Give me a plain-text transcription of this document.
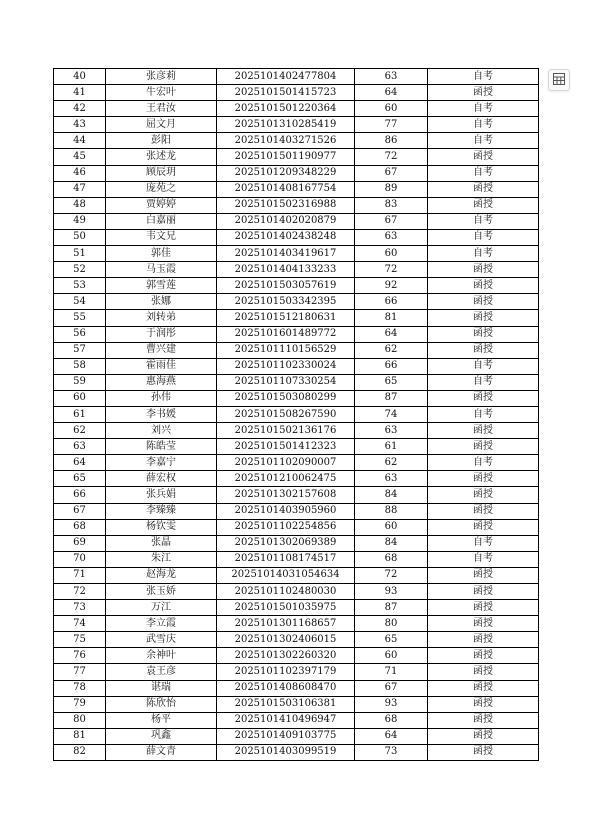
40	张彦莉	2025101402477804	63	自考
41	牛宏叶	2025101501415723	64	函授
42	王君汝	2025101501220364	60	自考
43	屈文月	2025101310285419	77	自考
44	彭阳	2025101403271526	86	自考
45	张述龙	2025101501190977	72	函授
46	顾辰玥	2025101209348229	67	自考
47	庞苑之	2025101408167754	89	函授
48	贾婷婷	2025101502316988	83	函授
49	白嘉丽	2025101402020879	67	自考
50	韦文兄	2025101402438248	63	自考
51	郭佳	2025101403419617	60	自考
52	马玉霞	2025101404133233	72	函授
53	郭雪莲	2025101503057619	92	函授
54	张娜	2025101503342395	66	函授
55	刘转弟	2025101512180631	81	函授
56	于润彤	2025101601489772	64	函授
57	曹兴建	2025101110156529	62	函授
58	霍雨佳	2025101102330024	66	自考
59	惠海燕	2025101107330254	65	自考
60	孙伟	2025101503080299	87	函授
61	李书媛	2025101508267590	74	自考
62	刘兴	2025101502136176	63	函授
63	陈皓莹	2025101501412323	61	函授
64	李嘉宁	2025101102090007	62	自考
65	薛宏权	2025101210062475	63	函授
66	张兵娟	2025101302157608	84	函授
67	李臻臻	2025101403905960	88	函授
68	杨钦雯	2025101102254856	60	函授
69	张晶	2025101302069389	84	自考
70	朱江	2025101108174517	68	自考
71	赵海龙	20251014031054634	72	函授
72	张玉娇	2025101102480030	93	函授
73	万江	2025101501035975	87	函授
74	李立霞	2025101301168657	80	函授
75	武雪庆	2025101302406015	65	函授
76	余神叶	2025101302260320	60	函授
77	袁王彦	2025101102397179	71	函授
78	谌瑞	2025101408608470	67	函授
79	陈欣怡	2025101503106381	93	函授
80	杨平	2025101410496947	68	函授
81	巩鑫	2025101409103775	64	函授
82	薛文青	2025101403099519	73	函授
